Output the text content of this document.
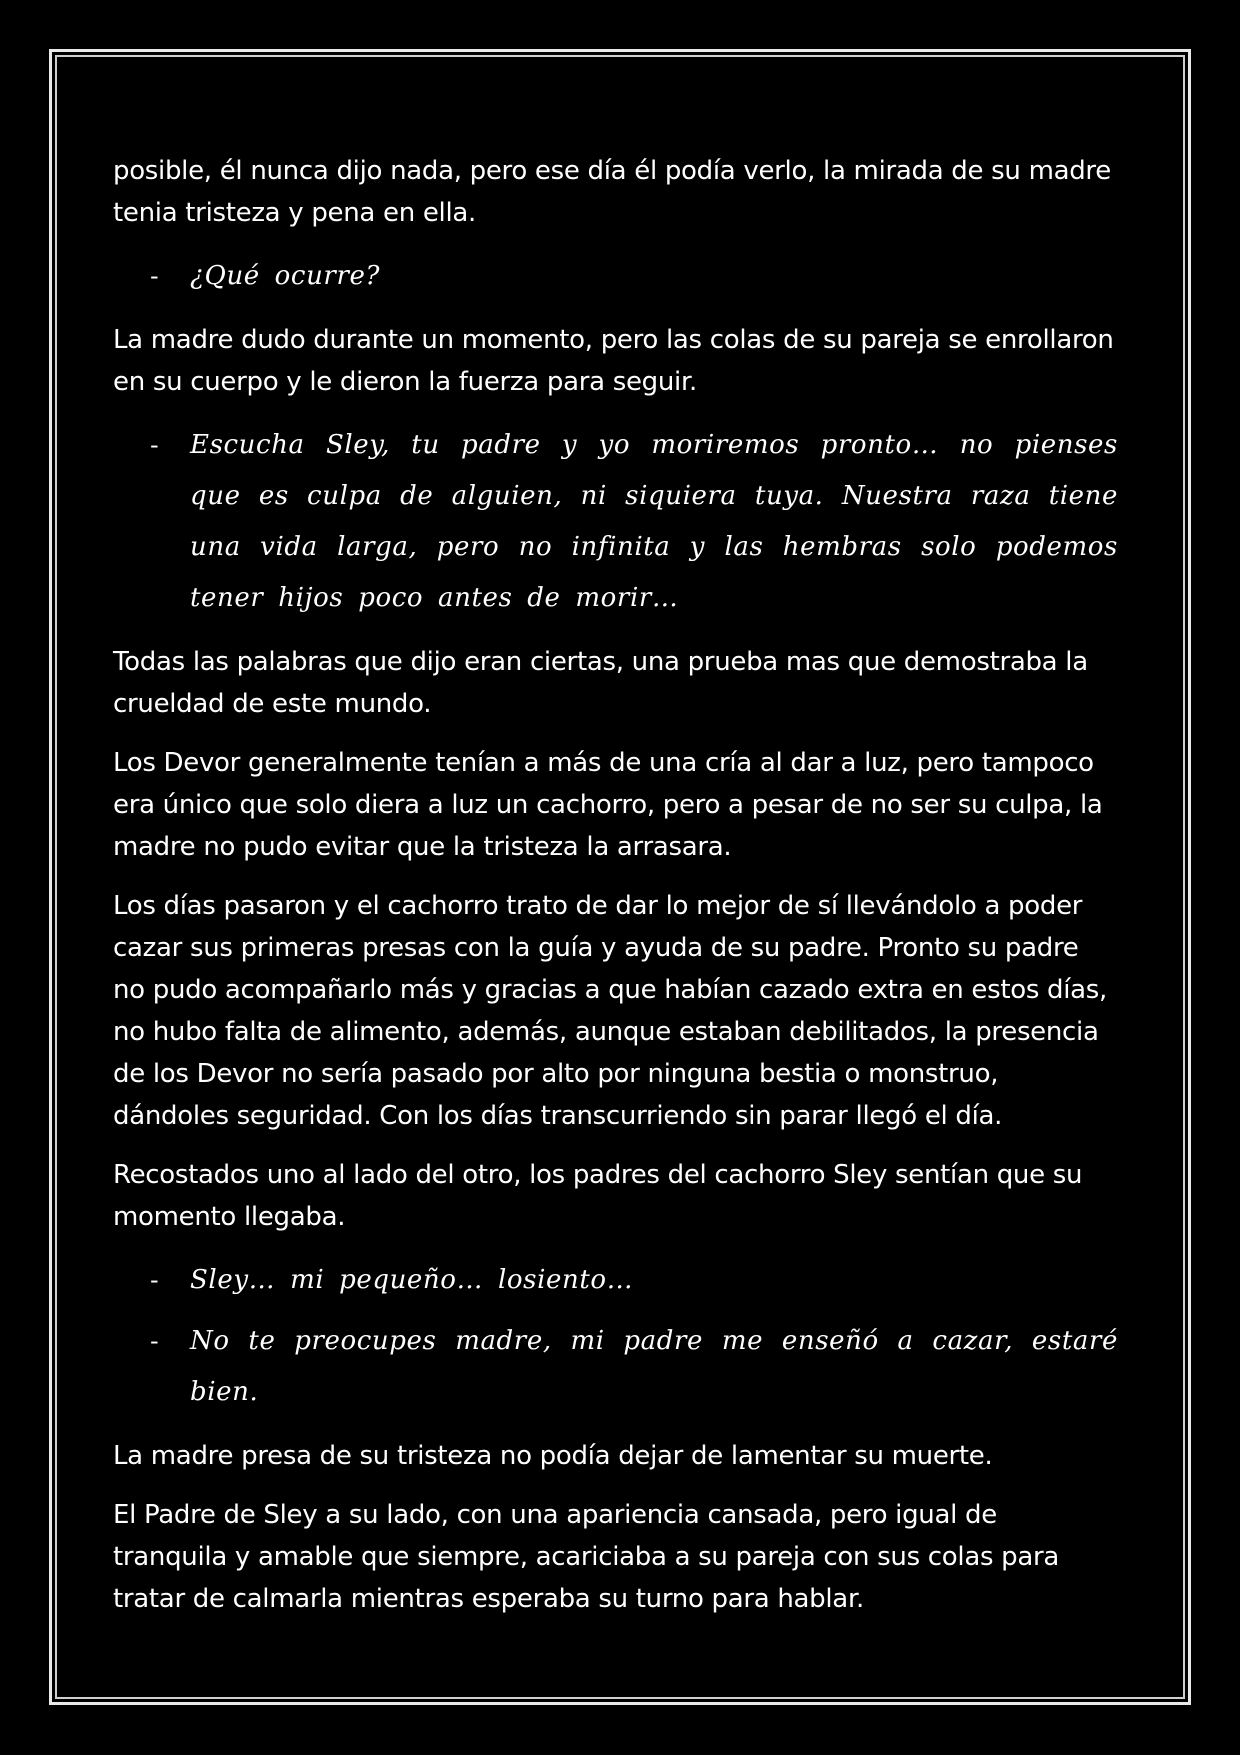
posible, él nunca dijo nada, pero ese día él podía verlo, la mirada de su madre tenia tristeza y pena en ella.

-	¿Qué ocurre?

La madre dudo durante un momento, pero las colas de su pareja se enrollaron en su cuerpo y le dieron la fuerza para seguir.

-	Escucha Sley, tu padre y yo moriremos pronto… no pienses que es culpa de alguien, ni siquiera tuya. Nuestra raza tiene una vida larga, pero no infinita y las hembras solo podemos tener hijos poco antes de morir…

Todas las palabras que dijo eran ciertas, una prueba mas que demostraba la crueldad de este mundo.

Los Devor generalmente tenían a más de una cría al dar a luz, pero tampoco era único que solo diera a luz un cachorro, pero a pesar de no ser su culpa, la madre no pudo evitar que la tristeza la arrasara.

Los días pasaron y el cachorro trato de dar lo mejor de sí llevándolo a poder cazar sus primeras presas con la guía y ayuda de su padre. Pronto su padre no pudo acompañarlo más y gracias a que habían cazado extra en estos días, no hubo falta de alimento, además, aunque estaban debilitados, la presencia de los Devor no sería pasado por alto por ninguna bestia o monstruo, dándoles seguridad. Con los días transcurriendo sin parar llegó el día.

Recostados uno al lado del otro, los padres del cachorro Sley sentían que su momento llegaba.

-	Sley… mi pequeño… losiento…
-	No te preocupes madre, mi padre me enseñó a cazar, estaré bien.

La madre presa de su tristeza no podía dejar de lamentar su muerte.

El Padre de Sley a su lado, con una apariencia cansada, pero igual de tranquila y amable que siempre, acariciaba a su pareja con sus colas para tratar de calmarla mientras esperaba su turno para hablar.
